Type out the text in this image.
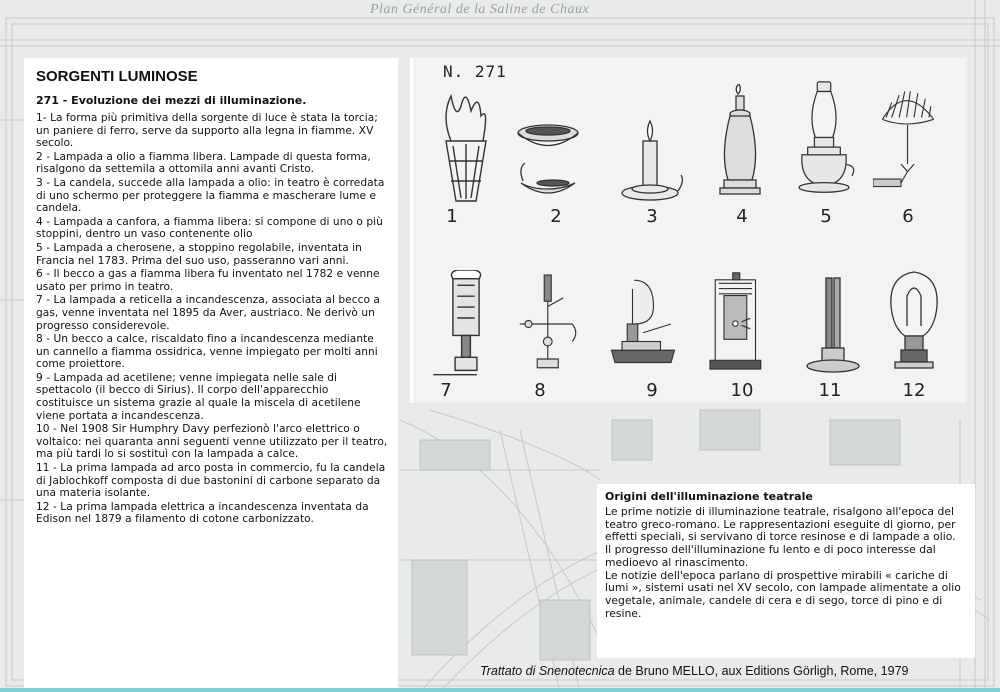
Plan Général de la Saline de Chaux
SORGENTI LUMINOSE
271 - Evoluzione dei mezzi di illuminazione.
1- La forma più primitiva della sorgente di luce è stata la torcia; un paniere di ferro, serve da supporto alla legna in fiamme. XV secolo.
2 - Lampada a olio a fiamma libera. Lampade di questa forma, risalgono da settemila a ottomila anni avanti Cristo.
3 - La candela, succede alla lampada a olio: in teatro è corredata di uno schermo per proteggere la fiamma e mascherare lume e candela.
4 - Lampada a canfora, a fiamma libera: si compone di uno o più stoppini, dentro un vaso contenente olio
5 - Lampada a cherosene, a stoppino regolabile, inventata in Francia nel 1783. Prima del suo uso, passeranno vari anni.
6 - Il becco a gas a fiamma libera fu inventato nel 1782 e venne usato per primo in teatro.
7 - La lampada a reticella a incandescenza, associata al becco a gas, venne inventata nel 1895 da Aver, austriaco. Ne derivò un progresso considerevole.
8 - Un becco a calce, riscaldato fino a incandescenza mediante un cannello a fiamma ossidrica, venne impiegato per molti anni come proiettore.
9 - Lampada ad acetilene; venne impiegata nelle sale di spettacolo (il becco di Sirius). Il corpo dell'apparecchio costituisce un sistema grazie al quale la miscela di acetilene viene portata a incandescenza.
10 - Nel 1908 Sir Humphry Davy perfezionò l'arco elettrico o voltaico: nei quaranta anni seguenti venne utilizzato per il teatro, ma più tardi lo si sostituì con la lampada a calce.
11 - La prima lampada ad arco posta in commercio, fu la candela di Jablochkoff composta di due bastonini di carbone separato da una materia isolante.
12 - La prima lampada elettrica a incandescenza inventata da Edison nel 1879 a filamento di cotone carbonizzato.
N. 271
1	2	3	4	5	6
7	8	9	10	11	12
Origini dell'illuminazione teatrale

Le prime notizie di illuminazione teatrale, risalgono all'epoca del teatro greco-romano. Le rappresentazioni eseguite di giorno, per effetti speciali, si servivano di torce resinose e di lampade a olio.

Il progresso dell'illuminazione fu lento e di poco interesse dal medioevo al rinascimento.

Le notizie dell'epoca parlano di prospettive mirabili « cariche di lumi », sistemi usati nel XV secolo, con lampade alimentate a olio vegetale, animale, candele di cera e di sego, torce di pino e di resine.

Trattato di Snenotecnica de Bruno MELLO, aux Editions Görligh, Rome, 1979
